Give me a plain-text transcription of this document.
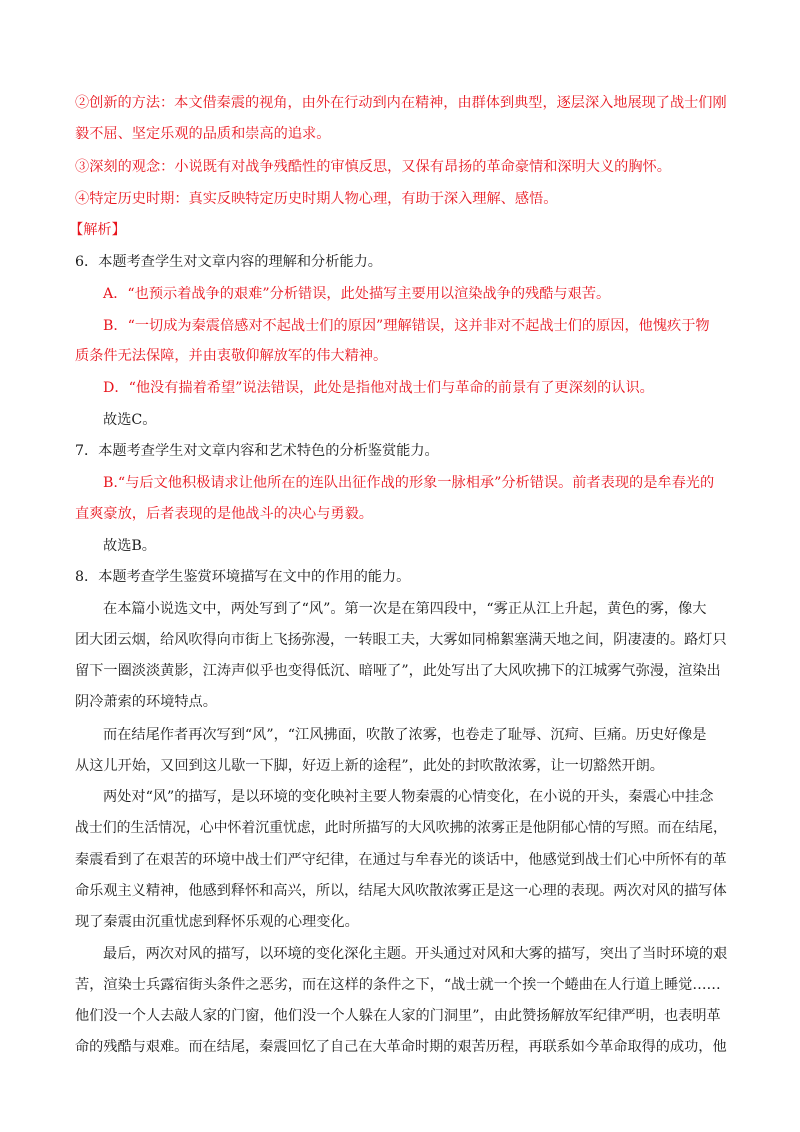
②创新的方法：本文借秦震的视角，由外在行动到内在精神，由群体到典型，逐层深入地展现了战士们刚
毅不屈、坚定乐观的品质和崇高的追求。
③深刻的观念：小说既有对战争残酷性的审慎反思，又保有昂扬的革命豪情和深明大义的胸怀。
④特定历史时期：真实反映特定历史时期人物心理，有助于深入理解、感悟。
【解析】
6．本题考查学生对文章内容的理解和分析能力。
A．“也预示着战争的艰难”分析错误，此处描写主要用以渲染战争的残酷与艰苦。
B．“一切成为秦震倍感对不起战士们的原因”理解错误，这并非对不起战士们的原因，他愧疚于物
质条件无法保障，并由衷敬仰解放军的伟大精神。
D．“他没有揣着希望”说法错误，此处是指他对战士们与革命的前景有了更深刻的认识。
故选C。
7．本题考查学生对文章内容和艺术特色的分析鉴赏能力。
B.“与后文他积极请求让他所在的连队出征作战的形象一脉相承”分析错误。前者表现的是牟春光的
直爽豪放，后者表现的是他战斗的决心与勇毅。
故选B。
8．本题考查学生鉴赏环境描写在文中的作用的能力。
在本篇小说选文中，两处写到了“风”。第一次是在第四段中，“雾正从江上升起，黄色的雾，像大
团大团云烟，给风吹得向市街上飞扬弥漫，一转眼工夫，大雾如同棉絮塞满天地之间，阴凄凄的。路灯只
留下一圈淡淡黄影，江涛声似乎也变得低沉、暗哑了”，此处写出了大风吹拂下的江城雾气弥漫，渲染出
阴冷萧索的环境特点。
而在结尾作者再次写到“风”，“江风拂面，吹散了浓雾，也卷走了耻辱、沉疴、巨痛。历史好像是
从这儿开始，又回到这儿歇一下脚，好迈上新的途程”，此处的封吹散浓雾，让一切豁然开朗。
两处对“风”的描写，是以环境的变化映衬主要人物秦震的心情变化，在小说的开头，秦震心中挂念
战士们的生活情况，心中怀着沉重忧虑，此时所描写的大风吹拂的浓雾正是他阴郁心情的写照。而在结尾，
秦震看到了在艰苦的环境中战士们严守纪律，在通过与牟春光的谈话中，他感觉到战士们心中所怀有的革
命乐观主义精神，他感到释怀和高兴，所以，结尾大风吹散浓雾正是这一心理的表现。两次对风的描写体
现了秦震由沉重忧虑到释怀乐观的心理变化。
最后，两次对风的描写，以环境的变化深化主题。开头通过对风和大雾的描写，突出了当时环境的艰
苦，渲染士兵露宿街头条件之恶劣，而在这样的条件之下，“战士就一个挨一个蜷曲在人行道上睡觉……
他们没一个人去敲人家的门窗，他们没一个人躲在人家的门洞里”，由此赞扬解放军纪律严明，也表明革
命的残酷与艰难。而在结尾，秦震回忆了自己在大革命时期的艰苦历程，再联系如今革命取得的成功，他
